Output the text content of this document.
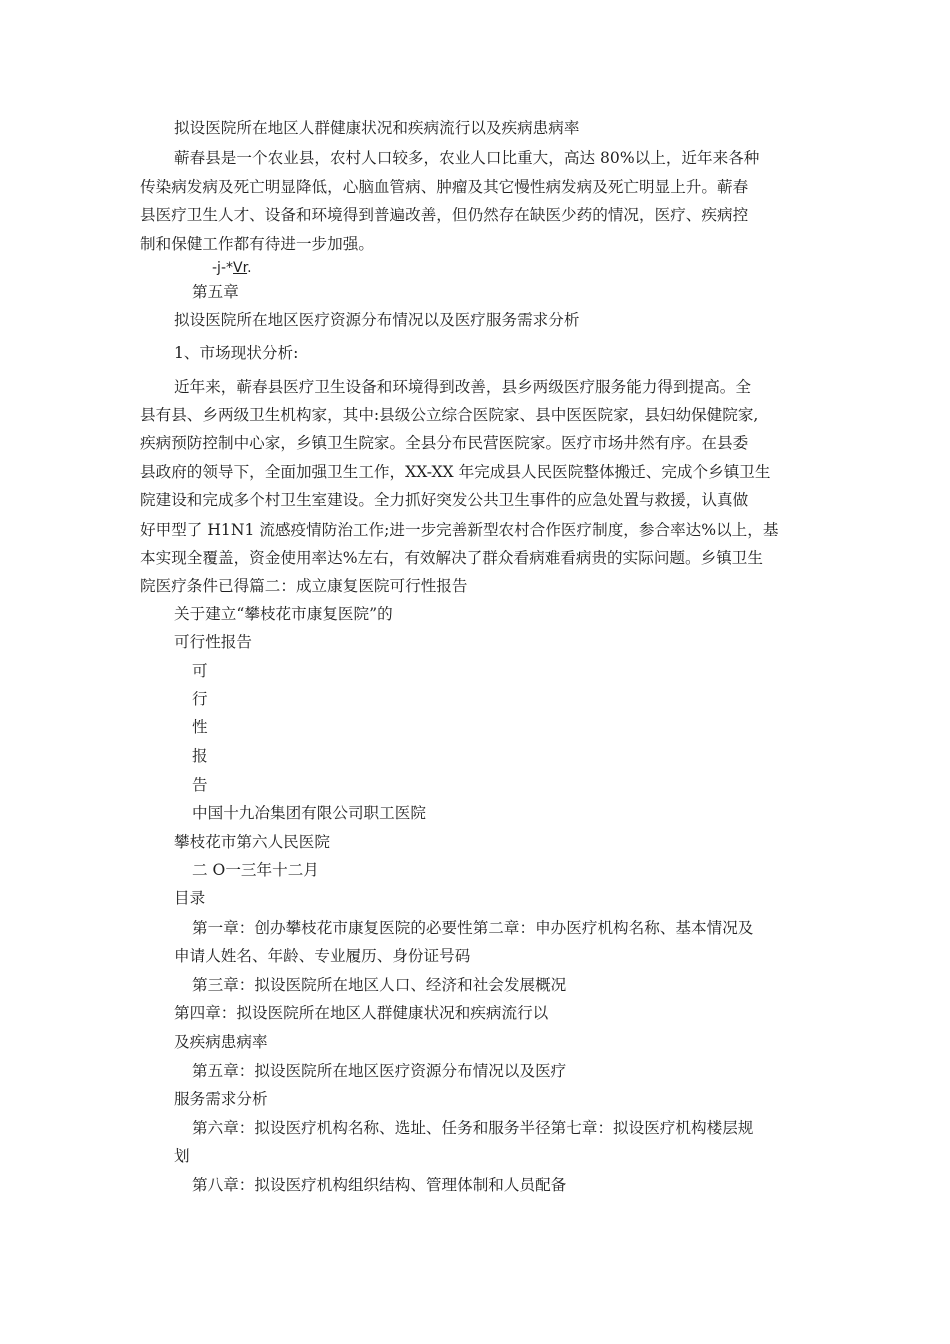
拟设医院所在地区人群健康状况和疾病流行以及疾病患病率
蕲春县是一个农业县，农村人口较多，农业人口比重大，高达 80%以上，近年来各种
传染病发病及死亡明显降低，心脑血管病、肿瘤及其它慢性病发病及死亡明显上升。蕲春
县医疗卫生人才、设备和环境得到普遍改善，但仍然存在缺医少药的情况，医疗、疾病控
制和保健工作都有待进一步加强。
-j-*Vr.
第五章
拟设医院所在地区医疗资源分布情况以及医疗服务需求分析
1、市场现状分析:
近年来，蕲春县医疗卫生设备和环境得到改善，县乡两级医疗服务能力得到提高。全
县有县、乡两级卫生机构家，其中:县级公立综合医院家、县中医医院家，县妇幼保健院家,
疾病预防控制中心家，乡镇卫生院家。全县分布民营医院家。医疗市场井然有序。在县委
县政府的领导下，全面加强卫生工作，XX-XX 年完成县人民医院整体搬迁、完成个乡镇卫生
院建设和完成多个村卫生室建设。全力抓好突发公共卫生事件的应急处置与救援，认真做
好甲型了 H1N1 流感疫情防治工作;进一步完善新型农村合作医疗制度，参合率达%以上，基
本实现全覆盖，资金使用率达%左右，有效解决了群众看病难看病贵的实际问题。乡镇卫生
院医疗条件已得篇二：成立康复医院可行性报告
关于建立“攀枝花市康复医院”的
可行性报告
可
行
性
报
告
中国十九冶集团有限公司职工医院
攀枝花市第六人民医院
二 O一三年十二月
目录
第一章：创办攀枝花市康复医院的必要性第二章：申办医疗机构名称、基本情况及
申请人姓名、年龄、专业履历、身份证号码
第三章：拟设医院所在地区人口、经济和社会发展概况
第四章：拟设医院所在地区人群健康状况和疾病流行以
及疾病患病率
第五章：拟设医院所在地区医疗资源分布情况以及医疗
服务需求分析
第六章：拟设医疗机构名称、选址、任务和服务半径第七章：拟设医疗机构楼层规
划
第八章：拟设医疗机构组织结构、管理体制和人员配备
